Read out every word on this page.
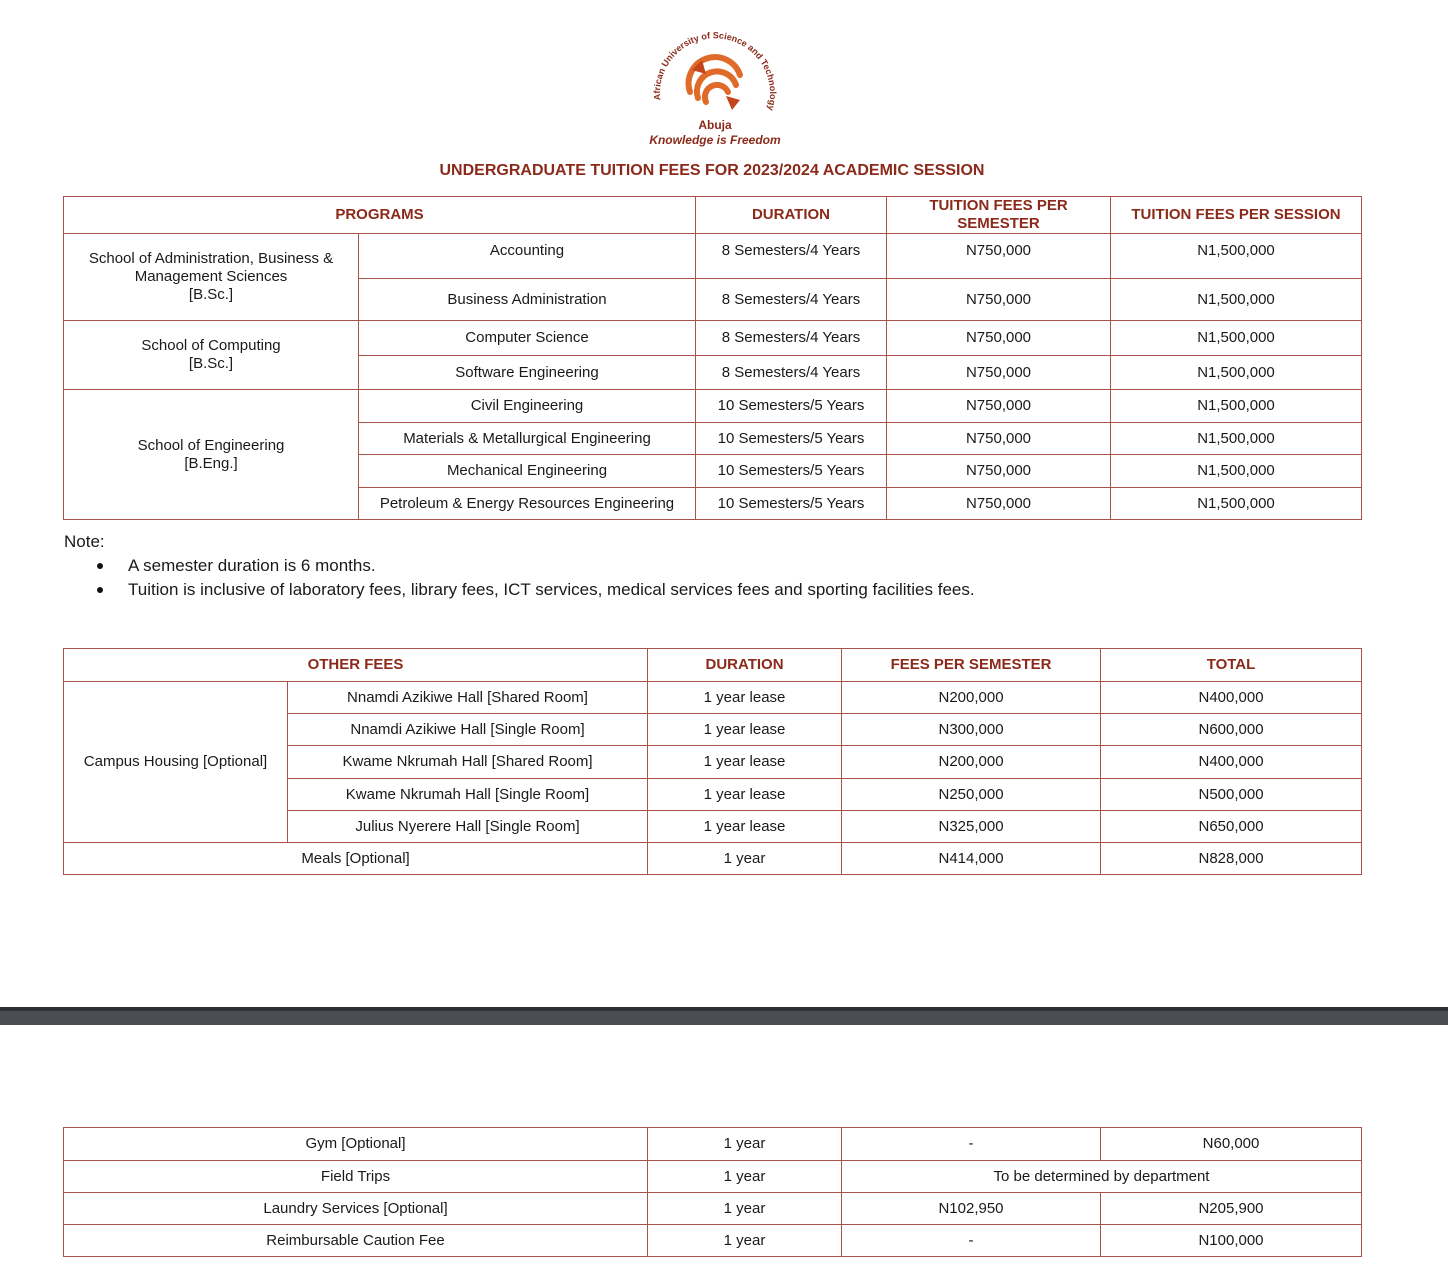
African University of Science and Technology
Abuja
Knowledge is Freedom
UNDERGRADUATE TUITION FEES FOR 2023/2024 ACADEMIC SESSION
PROGRAMS		DURATION	TUITION FEES PER SEMESTER	TUITION FEES PER SESSION

School of Administration, Business &
Management Sciences
[B.Sc.]	Accounting	8 Semesters/4 Years	N750,000	N1,500,000
	Business Administration	8 Semesters/4 Years	N750,000	N1,500,000

School of Computing
[B.Sc.]	Computer Science	8 Semesters/4 Years	N750,000	N1,500,000
	Software Engineering	8 Semesters/4 Years	N750,000	N1,500,000

School of Engineering
[B.Eng.]	Civil Engineering	10 Semesters/5 Years	N750,000	N1,500,000
	Materials & Metallurgical Engineering	10 Semesters/5 Years	N750,000	N1,500,000
	Mechanical Engineering	10 Semesters/5 Years	N750,000	N1,500,000
	Petroleum & Energy Resources Engineering	10 Semesters/5 Years	N750,000	N1,500,000
Note:
A semester duration is 6 months.
Tuition is inclusive of laboratory fees, library fees, ICT services, medical services fees and sporting facilities fees.
OTHER FEES		DURATION	FEES PER SEMESTER	TOTAL
Campus Housing [Optional]	Nnamdi Azikiwe Hall [Shared Room]	1 year lease	N200,000	N400,000
	Nnamdi Azikiwe Hall [Single Room]	1 year lease	N300,000	N600,000
	Kwame Nkrumah Hall [Shared Room]	1 year lease	N200,000	N400,000
	Kwame Nkrumah Hall [Single Room]	1 year lease	N250,000	N500,000
	Julius Nyerere Hall [Single Room]	1 year lease	N325,000	N650,000
Meals [Optional]		1 year	N414,000	N828,000
Gym [Optional]	1 year	-	N60,000
Field Trips	1 year	To be determined by department	
Laundry Services [Optional]	1 year	N102,950	N205,900
Reimbursable Caution Fee	1 year	-	N100,000
